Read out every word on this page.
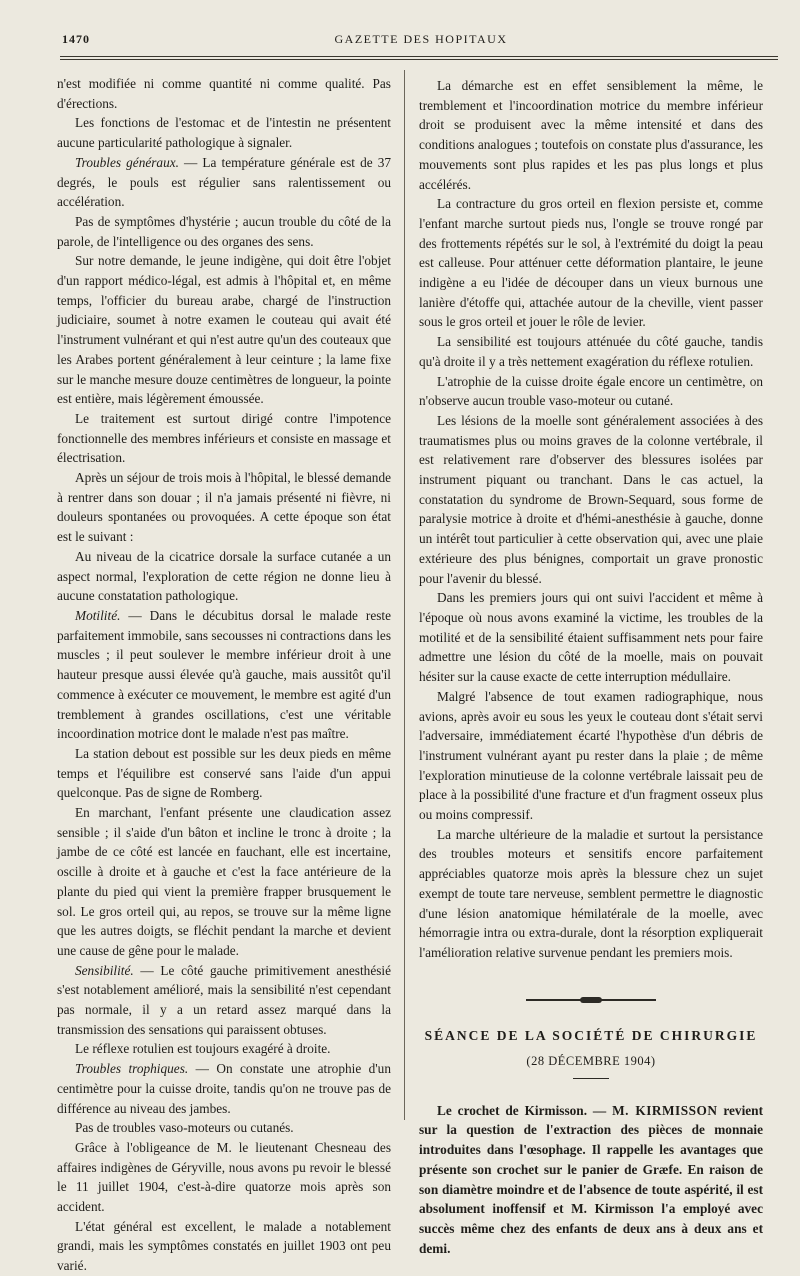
1470	GAZETTE DES HOPITAUX

n'est modifiée ni comme quantité ni comme qualité. Pas d'érections.

Les fonctions de l'estomac et de l'intestin ne présentent aucune particularité pathologique à signaler.

Troubles généraux. — La température générale est de 37 degrés, le pouls est régulier sans ralentissement ou accélération.

Pas de symptômes d'hystérie ; aucun trouble du côté de la parole, de l'intelligence ou des organes des sens.

Sur notre demande, le jeune indigène, qui doit être l'objet d'un rapport médico-légal, est admis à l'hôpital et, en même temps, l'officier du bureau arabe, chargé de l'instruction judiciaire, soumet à notre examen le couteau qui avait été l'instrument vulnérant et qui n'est autre qu'un des couteaux que les Arabes portent généralement à leur ceinture ; la lame fixe sur le manche mesure douze centimètres de longueur, la pointe est entière, mais légèrement émoussée.

Le traitement est surtout dirigé contre l'impotence fonctionnelle des membres inférieurs et consiste en massage et électrisation.

Après un séjour de trois mois à l'hôpital, le blessé demande à rentrer dans son douar ; il n'a jamais présenté ni fièvre, ni douleurs spontanées ou provoquées. A cette époque son état est le suivant :

Au niveau de la cicatrice dorsale la surface cutanée a un aspect normal, l'exploration de cette région ne donne lieu à aucune constatation pathologique.

Motilité. — Dans le décubitus dorsal le malade reste parfaitement immobile, sans secousses ni contractions dans les muscles ; il peut soulever le membre inférieur droit à une hauteur presque aussi élevée qu'à gauche, mais aussitôt qu'il commence à exécuter ce mouvement, le membre est agité d'un tremblement à grandes oscillations, c'est une véritable incoordination motrice dont le malade n'est pas maître.

La station debout est possible sur les deux pieds en même temps et l'équilibre est conservé sans l'aide d'un appui quelconque. Pas de signe de Romberg.

En marchant, l'enfant présente une claudication assez sensible ; il s'aide d'un bâton et incline le tronc à droite ; la jambe de ce côté est lancée en fauchant, elle est incertaine, oscille à droite et à gauche et c'est la face antérieure de la plante du pied qui vient la première frapper brusquement le sol. Le gros orteil qui, au repos, se trouve sur la même ligne que les autres doigts, se fléchit pendant la marche et devient une cause de gêne pour le malade.

Sensibilité. — Le côté gauche primitivement anesthésié s'est notablement amélioré, mais la sensibilité n'est cependant pas normale, il y a un retard assez marqué dans la transmission des sensations qui paraissent obtuses.

Le réflexe rotulien est toujours exagéré à droite.

Troubles trophiques. — On constate une atrophie d'un centimètre pour la cuisse droite, tandis qu'on ne trouve pas de différence au niveau des jambes.

Pas de troubles vaso-moteurs ou cutanés.

Grâce à l'obligeance de M. le lieutenant Chesneau des affaires indigènes de Géryville, nous avons pu revoir le blessé le 11 juillet 1904, c'est-à-dire quatorze mois après son accident.

L'état général est excellent, le malade a notablement grandi, mais les symptômes constatés en juillet 1903 ont peu varié.

La démarche est en effet sensiblement la même, le tremblement et l'incoordination motrice du membre inférieur droit se produisent avec la même intensité et dans des conditions analogues ; toutefois on constate plus d'assurance, les mouvements sont plus rapides et les pas plus longs et plus accélérés.

La contracture du gros orteil en flexion persiste et, comme l'enfant marche surtout pieds nus, l'ongle se trouve rongé par des frottements répétés sur le sol, à l'extrémité du doigt la peau est calleuse. Pour atténuer cette déformation plantaire, le jeune indigène a eu l'idée de découper dans un vieux burnous une lanière d'étoffe qui, attachée autour de la cheville, vient passer sous le gros orteil et jouer le rôle de levier.

La sensibilité est toujours atténuée du côté gauche, tandis qu'à droite il y a très nettement exagération du réflexe rotulien.

L'atrophie de la cuisse droite égale encore un centimètre, on n'observe aucun trouble vaso-moteur ou cutané.

Les lésions de la moelle sont généralement associées à des traumatismes plus ou moins graves de la colonne vertébrale, il est relativement rare d'observer des blessures isolées par instrument piquant ou tranchant. Dans le cas actuel, la constatation du syndrome de Brown-Sequard, sous forme de paralysie motrice à droite et d'hémi-anesthésie à gauche, donne un intérêt tout particulier à cette observation qui, avec une plaie extérieure des plus bénignes, comportait un grave pronostic pour l'avenir du blessé.

Dans les premiers jours qui ont suivi l'accident et même à l'époque où nous avons examiné la victime, les troubles de la motilité et de la sensibilité étaient suffisamment nets pour faire admettre une lésion du côté de la moelle, mais on pouvait hésiter sur la cause exacte de cette interruption médullaire.

Malgré l'absence de tout examen radiographique, nous avions, après avoir eu sous les yeux le couteau dont s'était servi l'adversaire, immédiatement écarté l'hypothèse d'un débris de l'instrument vulnérant ayant pu rester dans la plaie ; de même l'exploration minutieuse de la colonne vertébrale laissait peu de place à la possibilité d'une fracture et d'un fragment osseux plus ou moins compressif.

La marche ultérieure de la maladie et surtout la persistance des troubles moteurs et sensitifs encore parfaitement appréciables quatorze mois après la blessure chez un sujet exempt de toute tare nerveuse, semblent permettre le diagnostic d'une lésion anatomique hémilatérale de la moelle, avec hémorragie intra ou extra-durale, dont la résorption expliquerait l'amélioration relative survenue pendant les premiers mois.

SÉANCE DE LA SOCIÉTÉ DE CHIRURGIE
(28 DÉCEMBRE 1904)

Le crochet de Kirmisson. — M. KIRMISSON revient sur la question de l'extraction des pièces de monnaie introduites dans l'œsophage. Il rappelle les avantages que présente son crochet sur le panier de Græfe. En raison de son diamètre moindre et de l'absence de toute aspérité, il est absolument inoffensif et M. Kirmisson l'a employé avec succès même chez des enfants de deux ans à deux ans et demi.
